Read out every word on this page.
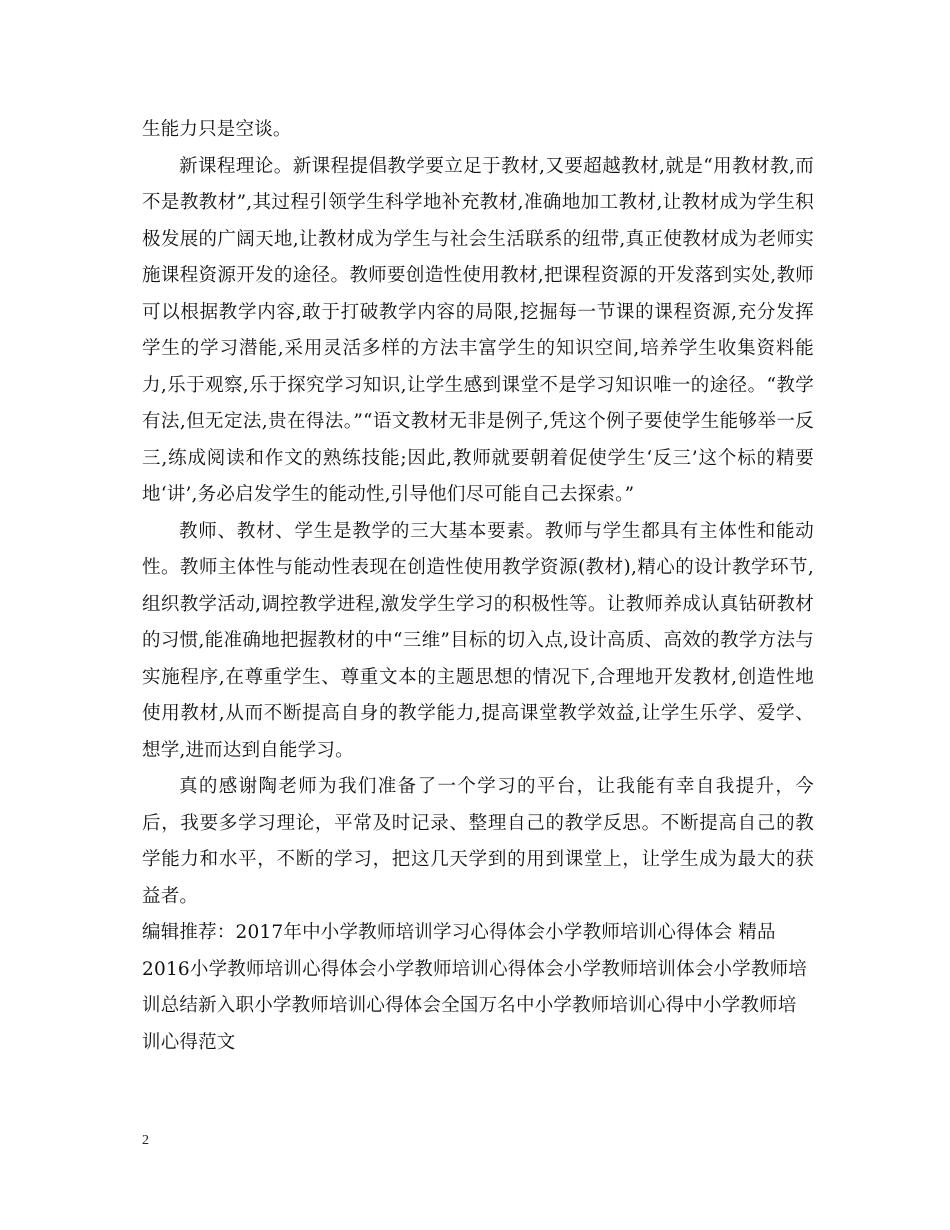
生能力只是空谈。

新课程理论。新课程提倡教学要立足于教材,又要超越教材,就是“用教材教,而不是教教材”,其过程引领学生科学地补充教材,准确地加工教材,让教材成为学生积极发展的广阔天地,让教材成为学生与社会生活联系的纽带,真正使教材成为老师实施课程资源开发的途径。教师要创造性使用教材,把课程资源的开发落到实处,教师可以根据教学内容,敢于打破教学内容的局限,挖掘每一节课的课程资源,充分发挥学生的学习潜能,采用灵活多样的方法丰富学生的知识空间,培养学生收集资料能力,乐于观察,乐于探究学习知识,让学生感到课堂不是学习知识唯一的途径。“教学有法,但无定法,贵在得法。”“语文教材无非是例子,凭这个例子要使学生能够举一反三,练成阅读和作文的熟练技能;因此,教师就要朝着促使学生‘反三’这个标的精要地‘讲’,务必启发学生的能动性,引导他们尽可能自己去探索。”

教师、教材、学生是教学的三大基本要素。教师与学生都具有主体性和能动性。教师主体性与能动性表现在创造性使用教学资源(教材),精心的设计教学环节,组织教学活动,调控教学进程,激发学生学习的积极性等。让教师养成认真钻研教材的习惯,能准确地把握教材的中“三维”目标的切入点,设计高质、高效的教学方法与实施程序,在尊重学生、尊重文本的主题思想的情况下,合理地开发教材,创造性地使用教材,从而不断提高自身的教学能力,提高课堂教学效益,让学生乐学、爱学、想学,进而达到自能学习。

真的感谢陶老师为我们准备了一个学习的平台，让我能有幸自我提升，今后，我要多学习理论，平常及时记录、整理自己的教学反思。不断提高自己的教学能力和水平，不断的学习，把这几天学到的用到课堂上，让学生成为最大的获益者。

编辑推荐：2017年中小学教师培训学习心得体会小学教师培训心得体会 精品2016小学教师培训心得体会小学教师培训心得体会小学教师培训体会小学教师培训总结新入职小学教师培训心得体会全国万名中小学教师培训心得中小学教师培训心得范文

2
